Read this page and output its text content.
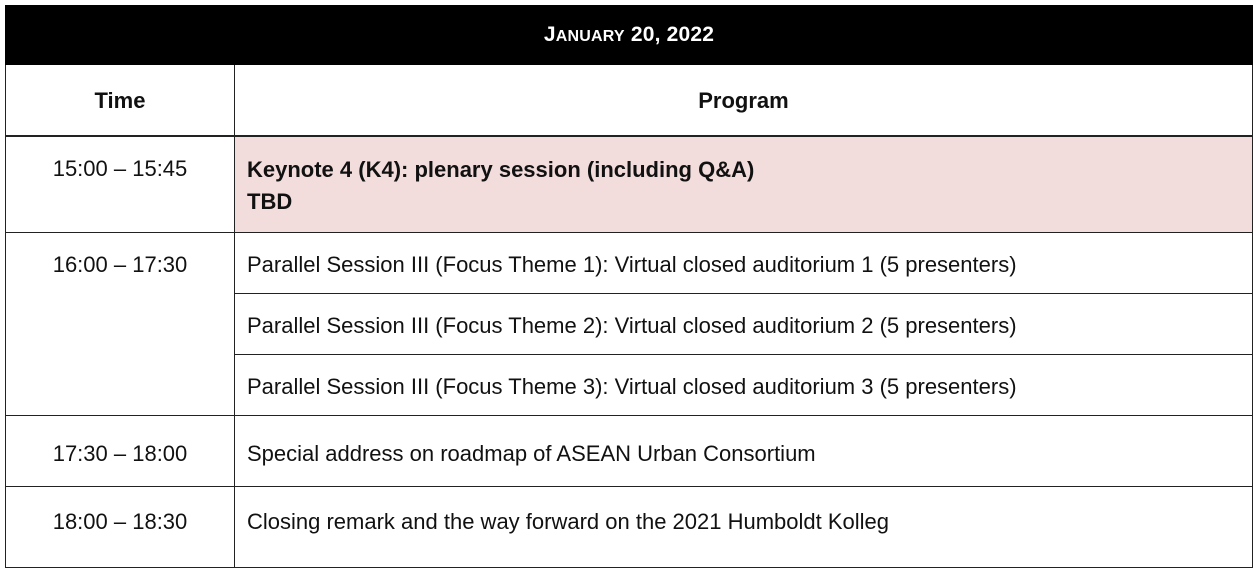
JANUARY 20, 2022
Time	Program
15:00 – 15:45	Keynote 4 (K4): plenary session (including Q&A)
TBD
16:00 – 17:30	Parallel Session III (Focus Theme 1): Virtual closed auditorium 1 (5 presenters)
Parallel Session III (Focus Theme 2): Virtual closed auditorium 2 (5 presenters)
Parallel Session III (Focus Theme 3): Virtual closed auditorium 3 (5 presenters)
17:30 – 18:00	Special address on roadmap of ASEAN Urban Consortium
18:00 – 18:30	Closing remark and the way forward on the 2021 Humboldt Kolleg
